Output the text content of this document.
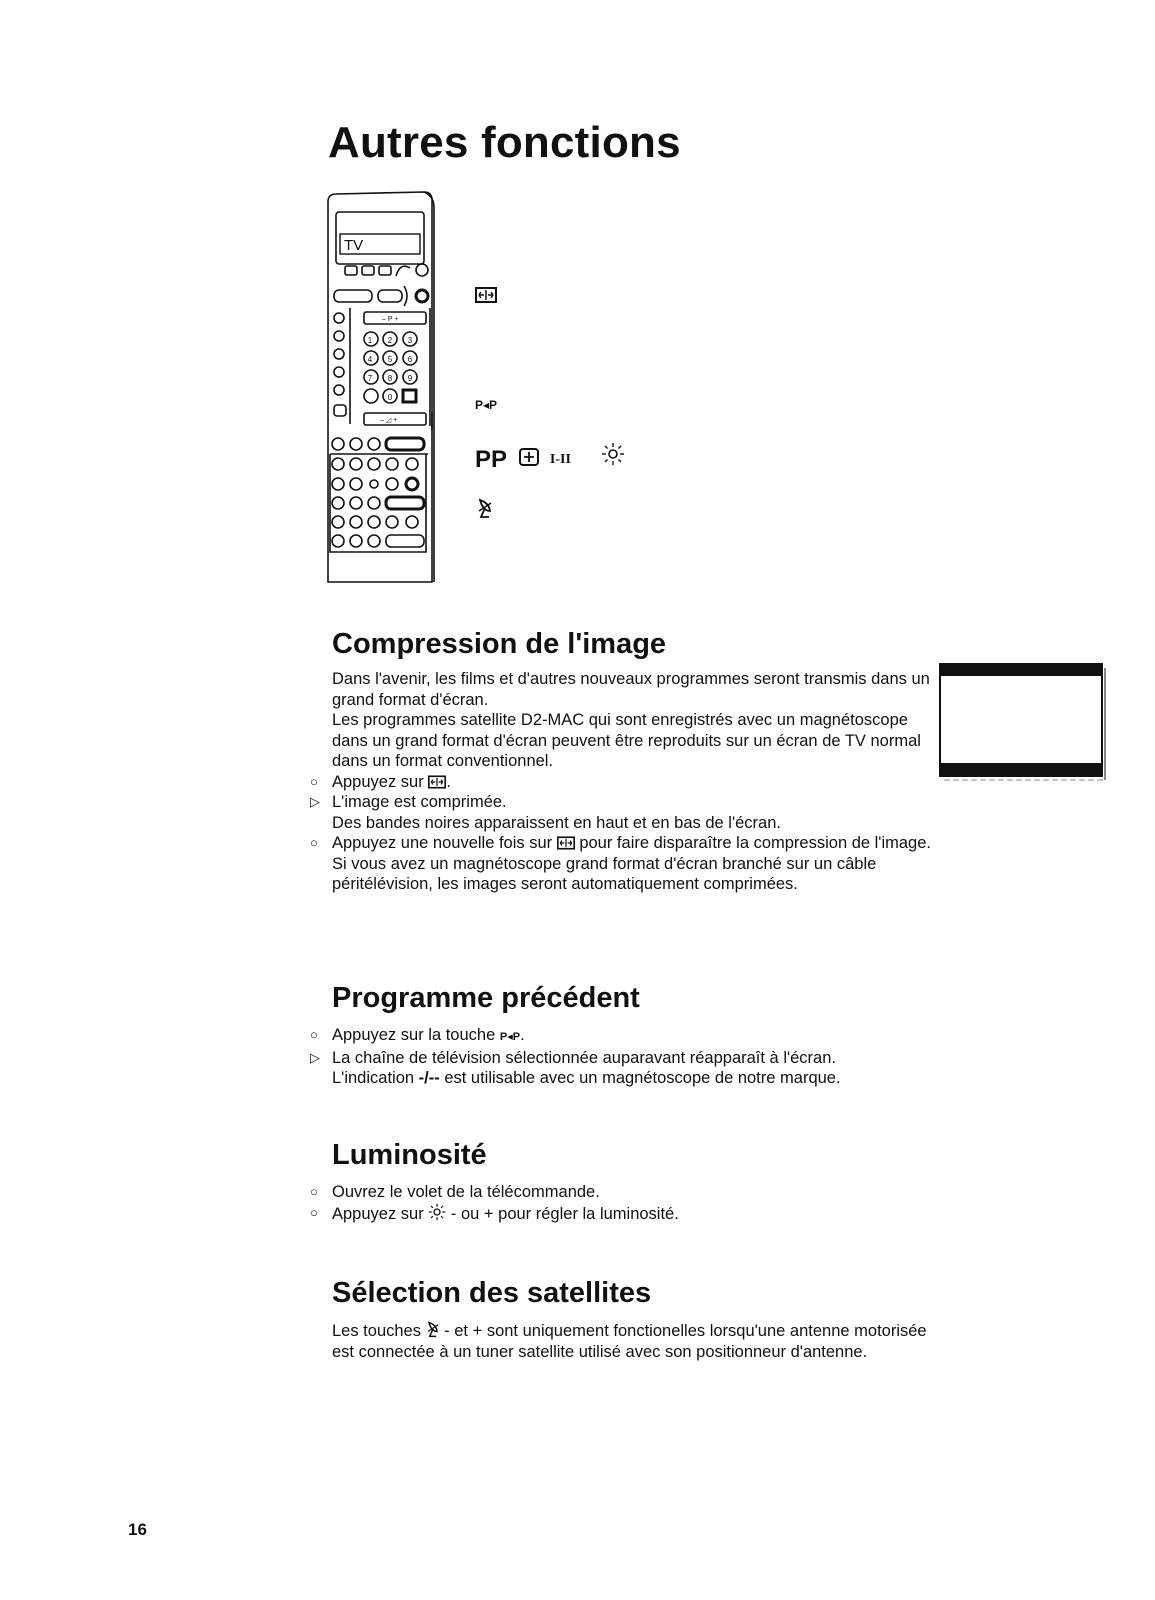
Autres fonctions
TV
1 2 3
4 5 6
7 8 9
0
– P +
– ◿ +
P◂P
PP	I-II
Compression de l'image

Dans l'avenir, les films et d'autres nouveaux programmes seront transmis dans un grand format d'écran.

Les programmes satellite D2-MAC qui sont enregistrés avec un magnétoscope dans un grand format d'écran peuvent être reproduits sur un écran de TV normal dans un format conventionnel.

○ Appuyez sur .
▷ L'image est comprimée.

Des bandes noires apparaissent en haut et en bas de l'écran.

○ Appuyez une nouvelle fois sur pour faire disparaître la compression de l'image.

Si vous avez un magnétoscope grand format d'écran branché sur un câble péritélévision, les images seront automatiquement comprimées.

Programme précédent
○ Appuyez sur la touche P◂P.
▷ La chaîne de télévision sélectionnée auparavant réapparaît à l'écran.

L'indication -/-- est utilisable avec un magnétoscope de notre marque.

Luminosité
○ Ouvrez le volet de la télécommande.
○ Appuyez sur - ou + pour régler la luminosité.
Sélection des satellites

Les touches - et + sont uniquement fonctionelles lorsqu'une antenne motorisée est connectée à un tuner satellite utilisé avec son positionneur d'antenne.

16
